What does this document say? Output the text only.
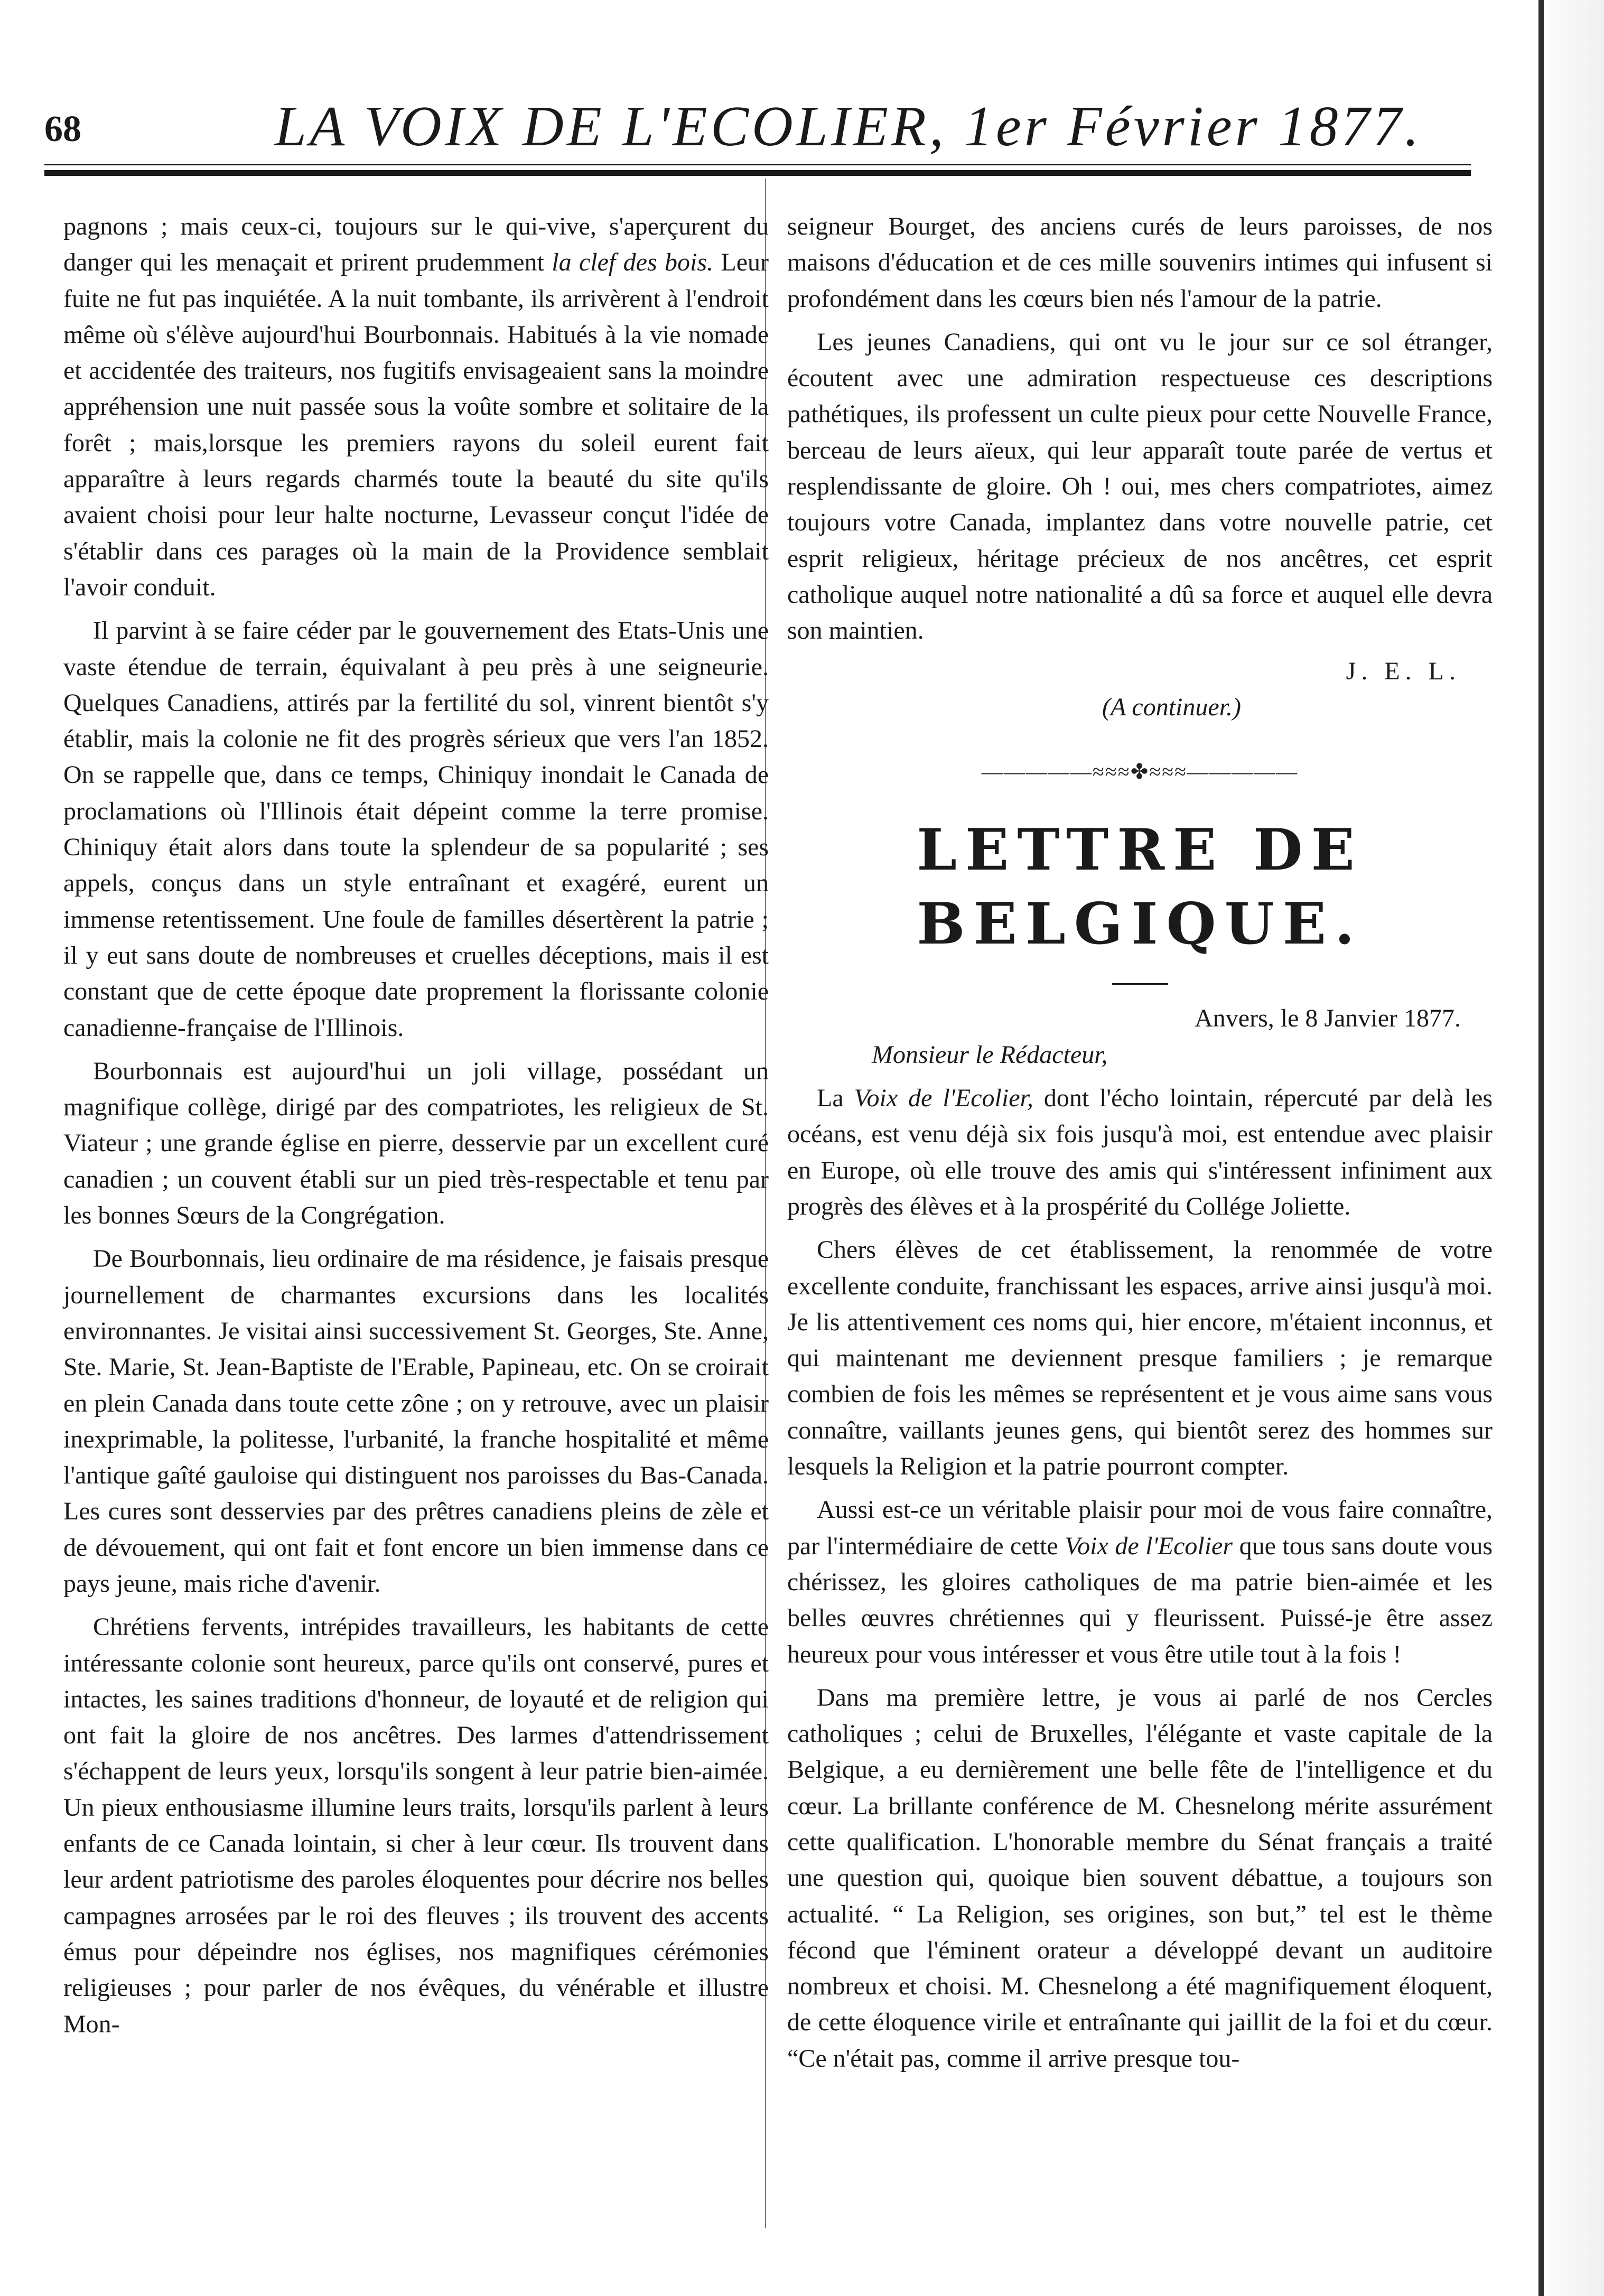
68	LA VOIX DE L'ECOLIER, 1er Février 1877.

pagnons ; mais ceux-ci, toujours sur le qui-vive, s'aperçurent du danger qui les menaçait et prirent prudemment la clef des bois. Leur fuite ne fut pas inquiétée. A la nuit tombante, ils arrivèrent à l'endroit même où s'élève aujourd'hui Bourbonnais. Habitués à la vie nomade et accidentée des traiteurs, nos fugitifs envisageaient sans la moindre appréhension une nuit passée sous la voûte sombre et solitaire de la forêt ; mais,lorsque les premiers rayons du soleil eurent fait apparaître à leurs regards charmés toute la beauté du site qu'ils avaient choisi pour leur halte nocturne, Levasseur conçut l'idée de s'établir dans ces parages où la main de la Providence semblait l'avoir conduit.

Il parvint à se faire céder par le gouvernement des Etats-Unis une vaste étendue de terrain, équivalant à peu près à une seigneurie. Quelques Canadiens, attirés par la fertilité du sol, vinrent bientôt s'y établir, mais la colonie ne fit des progrès sérieux que vers l'an 1852. On se rappelle que, dans ce temps, Chiniquy inondait le Canada de proclamations où l'Illinois était dépeint comme la terre promise. Chiniquy était alors dans toute la splendeur de sa popularité ; ses appels, conçus dans un style entraînant et exagéré, eurent un immense retentissement. Une foule de familles désertèrent la patrie ; il y eut sans doute de nombreuses et cruelles déceptions, mais il est constant que de cette époque date proprement la florissante colonie canadienne-française de l'Illinois.

Bourbonnais est aujourd'hui un joli village, possédant un magnifique collège, dirigé par des compatriotes, les religieux de St. Viateur ; une grande église en pierre, desservie par un excellent curé canadien ; un couvent établi sur un pied très-respectable et tenu par les bonnes Sœurs de la Congrégation.

De Bourbonnais, lieu ordinaire de ma résidence, je faisais presque journellement de charmantes excursions dans les localités environnantes. Je visitai ainsi successivement St. Georges, Ste. Anne, Ste. Marie, St. Jean-Baptiste de l'Erable, Papineau, etc. On se croirait en plein Canada dans toute cette zône ; on y retrouve, avec un plaisir inexprimable, la politesse, l'urbanité, la franche hospitalité et même l'antique gaîté gauloise qui distinguent nos paroisses du Bas-Canada. Les cures sont desservies par des prêtres canadiens pleins de zèle et de dévouement, qui ont fait et font encore un bien immense dans ce pays jeune, mais riche d'avenir.

Chrétiens fervents, intrépides travailleurs, les habitants de cette intéressante colonie sont heureux, parce qu'ils ont conservé, pures et intactes, les saines traditions d'honneur, de loyauté et de religion qui ont fait la gloire de nos ancêtres. Des larmes d'attendrissement s'échappent de leurs yeux, lorsqu'ils songent à leur patrie bien-aimée. Un pieux enthousiasme illumine leurs traits, lorsqu'ils parlent à leurs enfants de ce Canada lointain, si cher à leur cœur. Ils trouvent dans leur ardent patriotisme des paroles éloquentes pour décrire nos belles campagnes arrosées par le roi des fleuves ; ils trouvent des accents émus pour dépeindre nos églises, nos magnifiques cérémonies religieuses ; pour parler de nos évêques, du vénérable et illustre Mon-

seigneur Bourget, des anciens curés de leurs paroisses, de nos maisons d'éducation et de ces mille souvenirs intimes qui infusent si profondément dans les cœurs bien nés l'amour de la patrie.

Les jeunes Canadiens, qui ont vu le jour sur ce sol étranger, écoutent avec une admiration respectueuse ces descriptions pathétiques, ils professent un culte pieux pour cette Nouvelle France, berceau de leurs aïeux, qui leur apparaît toute parée de vertus et resplendissante de gloire. Oh ! oui, mes chers compatriotes, aimez toujours votre Canada, implantez dans votre nouvelle patrie, cet esprit religieux, héritage précieux de nos ancêtres, cet esprit catholique auquel notre nationalité a dû sa force et auquel elle devra son maintien.

J. E. L.

(A continuer.)

—————≈≈≈✤≈≈≈—————

LETTRE DE BELGIQUE.

Anvers, le 8 Janvier 1877.

Monsieur le Rédacteur,

La Voix de l'Ecolier, dont l'écho lointain, répercuté par delà les océans, est venu déjà six fois jusqu'à moi, est entendue avec plaisir en Europe, où elle trouve des amis qui s'intéressent infiniment aux progrès des élèves et à la prospérité du Collége Joliette.

Chers élèves de cet établissement, la renommée de votre excellente conduite, franchissant les espaces, arrive ainsi jusqu'à moi. Je lis attentivement ces noms qui, hier encore, m'étaient inconnus, et qui maintenant me deviennent presque familiers ; je remarque combien de fois les mêmes se représentent et je vous aime sans vous connaître, vaillants jeunes gens, qui bientôt serez des hommes sur lesquels la Religion et la patrie pourront compter.

Aussi est-ce un véritable plaisir pour moi de vous faire connaître, par l'intermédiaire de cette Voix de l'Ecolier que tous sans doute vous chérissez, les gloires catholiques de ma patrie bien-aimée et les belles œuvres chrétiennes qui y fleurissent. Puissé-je être assez heureux pour vous intéresser et vous être utile tout à la fois !

Dans ma première lettre, je vous ai parlé de nos Cercles catholiques ; celui de Bruxelles, l'élégante et vaste capitale de la Belgique, a eu dernièrement une belle fête de l'intelligence et du cœur. La brillante conférence de M. Chesnelong mérite assurément cette qualification. L'honorable membre du Sénat français a traité une question qui, quoique bien souvent débattue, a toujours son actualité. “ La Religion, ses origines, son but,” tel est le thème fécond que l'éminent orateur a développé devant un auditoire nombreux et choisi. M. Chesnelong a été magnifiquement éloquent, de cette éloquence virile et entraînante qui jaillit de la foi et du cœur. “Ce n'était pas, comme il arrive presque tou-
